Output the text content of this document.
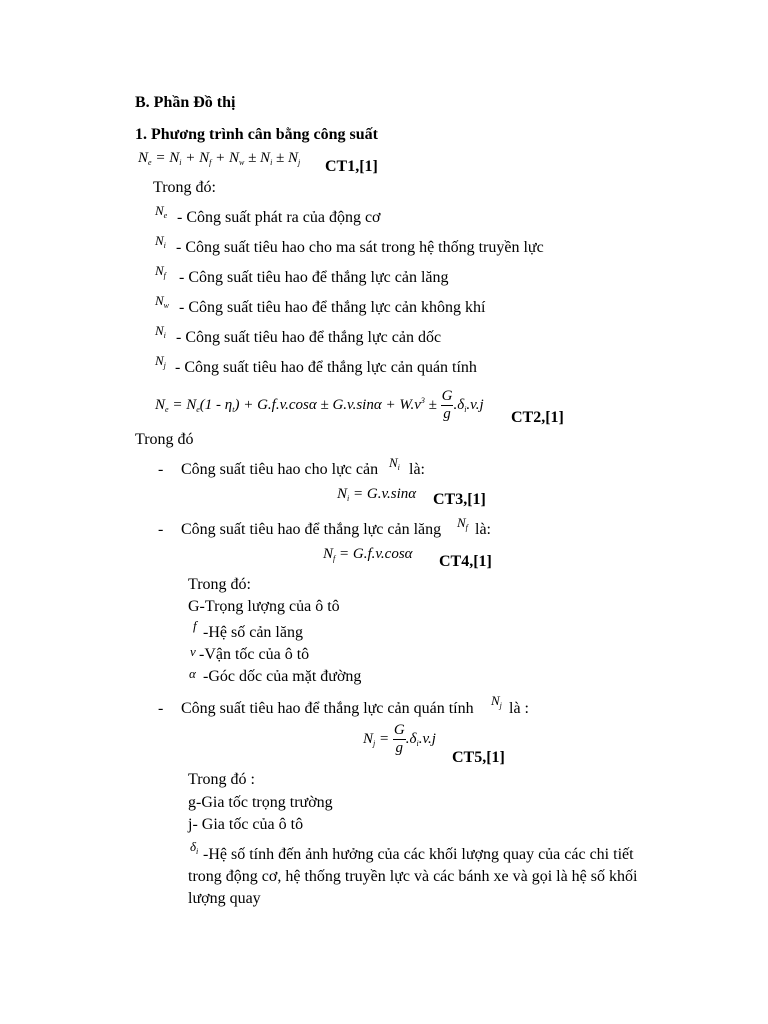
B. Phần Đồ thị
1. Phương trình cân bằng công suất
$N_e = N_i + N_f + N_w \pm N_i \pm N_j$ CT1,[1]
Trong đó:
$N_e$ - Công suất phát ra của động cơ
$N_i$ - Công suất tiêu hao cho ma sát trong hệ thống truyền lực
$N_f$ - Công suất tiêu hao để thắng lực cản lăng
$N_w$ - Công suất tiêu hao để thắng lực cản không khí
$N_i$ - Công suất tiêu hao để thắng lực cản dốc
$N_j$ - Công suất tiêu hao để thắng lực cản quán tính
$N_e = N_e(1 - \eta_t) + G.f.v.\cos\alpha \pm G.v.\sin\alpha + W.v^3 \pm \frac{G}{g} .\delta_i.v.j$
CT2,[1]
Trong đó
- Công suất tiêu hao cho lực cản $N_i$ là:
$N_i = G.v.\sin\alpha$ CT3,[1]
- Công suất tiêu hao để thắng lực cản lăng $N_f$ là:
$N_f = G.f.v.\cos\alpha$ CT4,[1]
Trong đó:
G-Trọng lượng của ô tô
f -Hệ số cản lăng
v -Vận tốc của ô tô
α -Góc dốc của mặt đường
- Công suất tiêu hao để thắng lực cản quán tính $N_j$ là :
$N_j = \frac{G}{g} .\delta_i.v.j$
CT5,[1]
Trong đó :
g-Gia tốc trọng trường
j- Gia tốc của ô tô
$\delta_i$ -Hệ số tính đến ảnh hưởng của các khối lượng quay của các chi tiết
trong động cơ, hệ thống truyền lực và các bánh xe và gọi là hệ số khối
lượng quay
